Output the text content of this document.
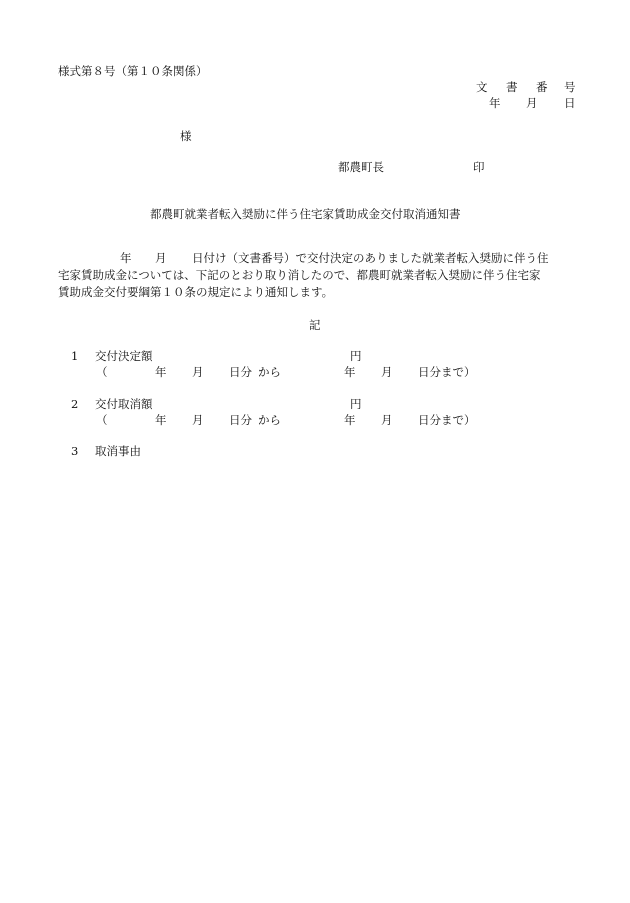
様式第８号（第１０条関係）
文 書 番 号
年 月 日
様
都農町長	印
都農町就業者転入奨励に伴う住宅家賃助成金交付取消通知書
年 月 日付け（文書番号）で交付決定のありました就業者転入奨励に伴う住
宅家賃助成金については、下記のとおり取り消したので、都農町就業者転入奨励に伴う住宅家
賃助成金交付要綱第１０条の規定により通知します。
記
1 交付決定額	円
（	年 月 日分 から	年 月 日分まで）
2 交付取消額	円
（	年 月 日分 から	年 月 日分まで）
3 取消事由
